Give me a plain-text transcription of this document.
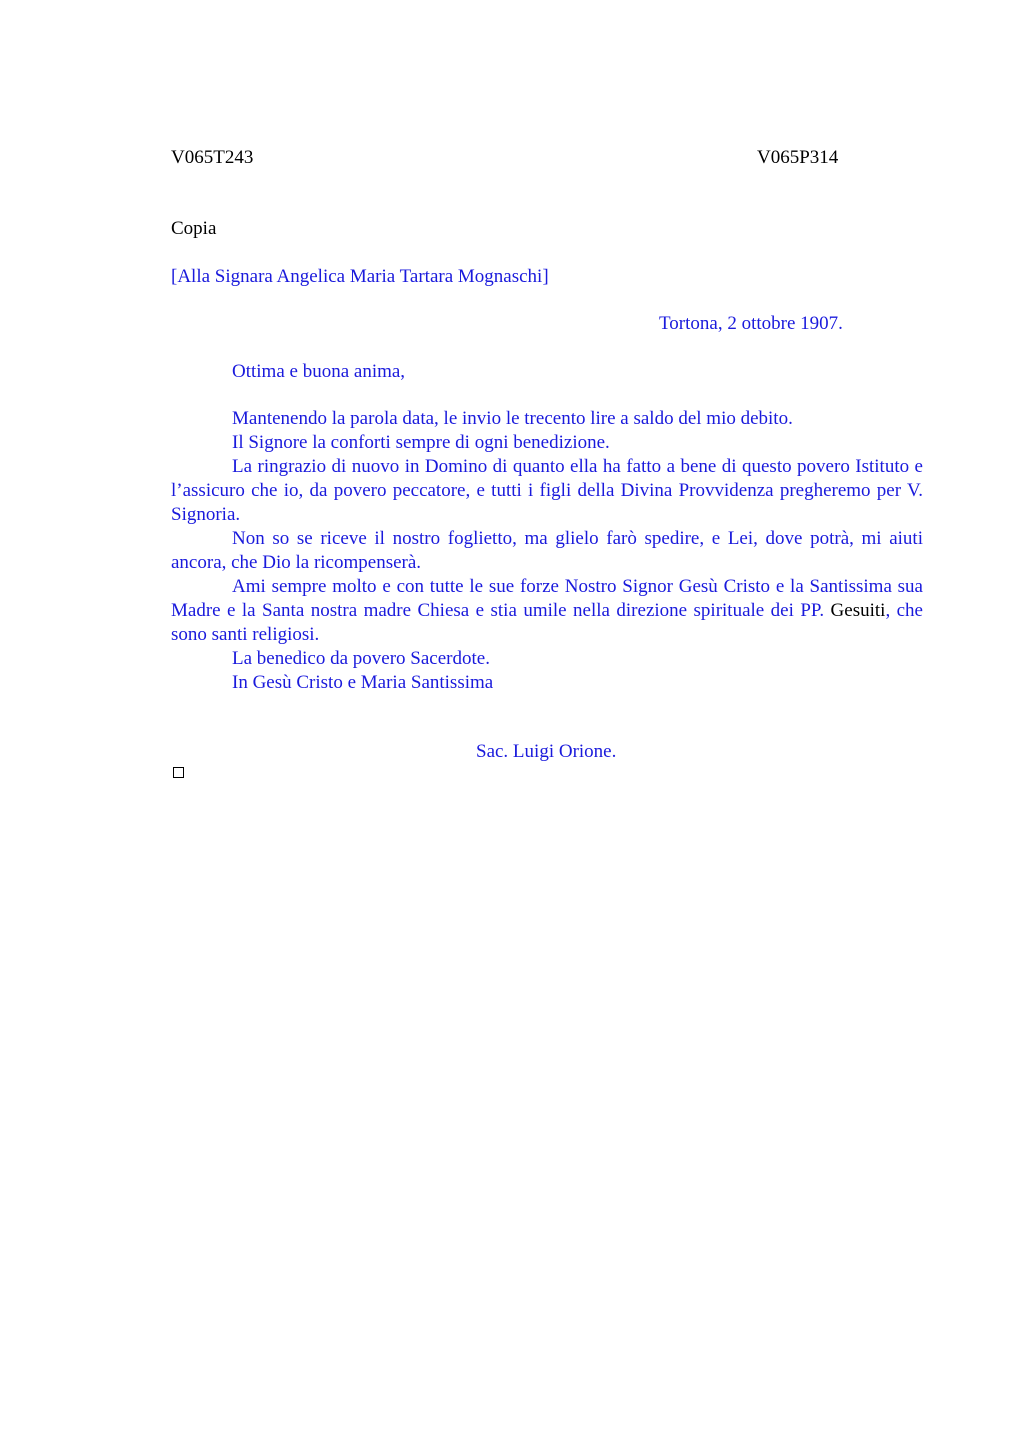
V065T243	V065P314
Copia
[Alla Signara Angelica Maria Tartara Mognaschi]
Tortona, 2 ottobre 1907.
Ottima e buona anima,

Mantenendo la parola data, le invio le trecento lire a saldo del mio debito.

Il Signore la conforti sempre di ogni benedizione.

La ringrazio di nuovo in Domino di quanto ella ha fatto a bene di questo povero Istituto e l’assicuro che io, da povero peccatore, e tutti i figli della Divina Provvidenza pregheremo per V. Signoria.

Non so se riceve il nostro foglietto, ma glielo farò spedire, e Lei, dove potrà, mi aiuti ancora, che Dio la ricompenserà.

Ami sempre molto e con tutte le sue forze Nostro Signor Gesù Cristo e la Santissima sua Madre e la Santa nostra madre Chiesa e stia umile nella direzione spirituale dei PP. Gesuiti, che sono santi religiosi.

La benedico da povero Sacerdote.

In Gesù Cristo e Maria Santissima

Sac. Luigi Orione.
